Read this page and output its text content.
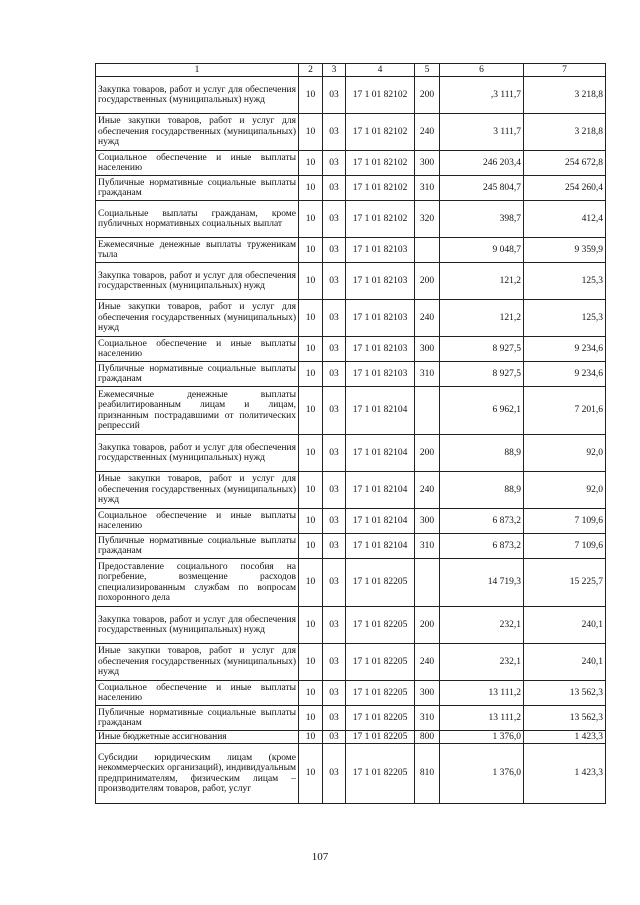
1	2	3	4	5	6	7
Закупка товаров, работ и услуг для обеспечения государственных (муниципальных) нужд	10	03	17 1 01 82102	200	,3 111,7	3 218,8
Иные закупки товаров, работ и услуг для обеспечения государственных (муниципальных) нужд	10	03	17 1 01 82102	240	3 111,7	3 218,8
Социальное обеспечение и иные выплаты населению	10	03	17 1 01 82102	300	246 203,4	254 672,8
Публичные нормативные социальные выплаты гражданам	10	03	17 1 01 82102	310	245 804,7	254 260,4
Социальные выплаты гражданам, кроме публичных нормативных социальных выплат	10	03	17 1 01 82102	320	398,7	412,4
Ежемесячные денежные выплаты труженикам тыла	10	03	17 1 01 82103		9 048,7	9 359,9
Закупка товаров, работ и услуг для обеспечения государственных (муниципальных) нужд	10	03	17 1 01 82103	200	121,2	125,3
Иные закупки товаров, работ и услуг для обеспечения государственных (муниципальных) нужд	10	03	17 1 01 82103	240	121,2	125,3
Социальное обеспечение и иные выплаты населению	10	03	17 1 01 82103	300	8 927,5	9 234,6
Публичные нормативные социальные выплаты гражданам	10	03	17 1 01 82103	310	8 927,5	9 234,6
Ежемесячные денежные выплаты реабилитированным лицам и лицам, признанным пострадавшими от политических репрессий	10	03	17 1 01 82104		6 962,1	7 201,6
Закупка товаров, работ и услуг для обеспечения государственных (муниципальных) нужд	10	03	17 1 01 82104	200	88,9	92,0
Иные закупки товаров, работ и услуг для обеспечения государственных (муниципальных) нужд	10	03	17 1 01 82104	240	88,9	92,0
Социальное обеспечение и иные выплаты населению	10	03	17 1 01 82104	300	6 873,2	7 109,6
Публичные нормативные социальные выплаты гражданам	10	03	17 1 01 82104	310	6 873,2	7 109,6
Предоставление социального пособия на погребение, возмещение расходов специализированным службам по вопросам похоронного дела	10	03	17 1 01 82205		14 719,3	15 225,7
Закупка товаров, работ и услуг для обеспечения государственных (муниципальных) нужд	10	03	17 1 01 82205	200	232,1	240,1
Иные закупки товаров, работ и услуг для обеспечения государственных (муниципальных) нужд	10	03	17 1 01 82205	240	232,1	240,1
Социальное обеспечение и иные выплаты населению	10	03	17 1 01 82205	300	13 111,2	13 562,3
Публичные нормативные социальные выплаты гражданам	10	03	17 1 01 82205	310	13 111,2	13 562,3
Иные бюджетные ассигнования	10	03	17 1 01 82205	800	1 376,0	1 423,3
Субсидии юридическим лицам (кроме некоммерческих организаций), индивидуальным предпринимателям, физическим лицам – производителям товаров, работ, услуг	10	03	17 1 01 82205	810	1 376,0	1 423,3
107
